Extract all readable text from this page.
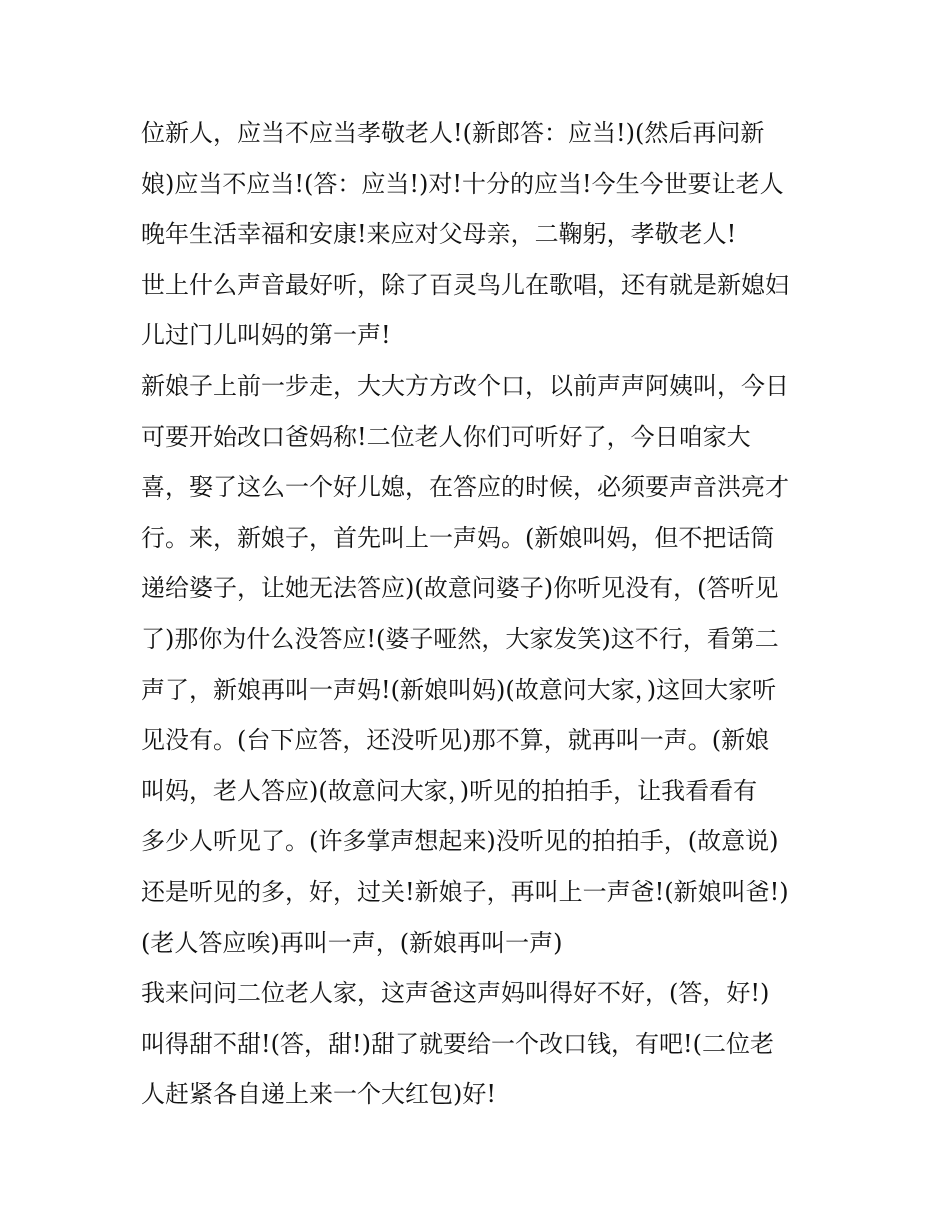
位新人，应当不应当孝敬老人!(新郎答：应当!)(然后再问新
娘)应当不应当!(答：应当!)对!十分的应当!今生今世要让老人
晚年生活幸福和安康!来应对父母亲，二鞠躬，孝敬老人!
世上什么声音最好听，除了百灵鸟儿在歌唱，还有就是新媳妇
儿过门儿叫妈的第一声!
新娘子上前一步走，大大方方改个口，以前声声阿姨叫，今日
可要开始改口爸妈称!二位老人你们可听好了，今日咱家大
喜，娶了这么一个好儿媳，在答应的时候，必须要声音洪亮才
行。来，新娘子，首先叫上一声妈。(新娘叫妈，但不把话筒
递给婆子，让她无法答应)(故意问婆子)你听见没有，(答听见
了)那你为什么没答应!(婆子哑然，大家发笑)这不行，看第二
声了，新娘再叫一声妈!(新娘叫妈)(故意问大家，)这回大家听
见没有。(台下应答，还没听见)那不算，就再叫一声。(新娘
叫妈，老人答应)(故意问大家，)听见的拍拍手，让我看看有
多少人听见了。(许多掌声想起来)没听见的拍拍手，(故意说)
还是听见的多，好，过关!新娘子，再叫上一声爸!(新娘叫爸!)
(老人答应唉)再叫一声，(新娘再叫一声)
我来问问二位老人家，这声爸这声妈叫得好不好，(答，好!)
叫得甜不甜!(答，甜!)甜了就要给一个改口钱，有吧!(二位老
人赶紧各自递上来一个大红包)好!
